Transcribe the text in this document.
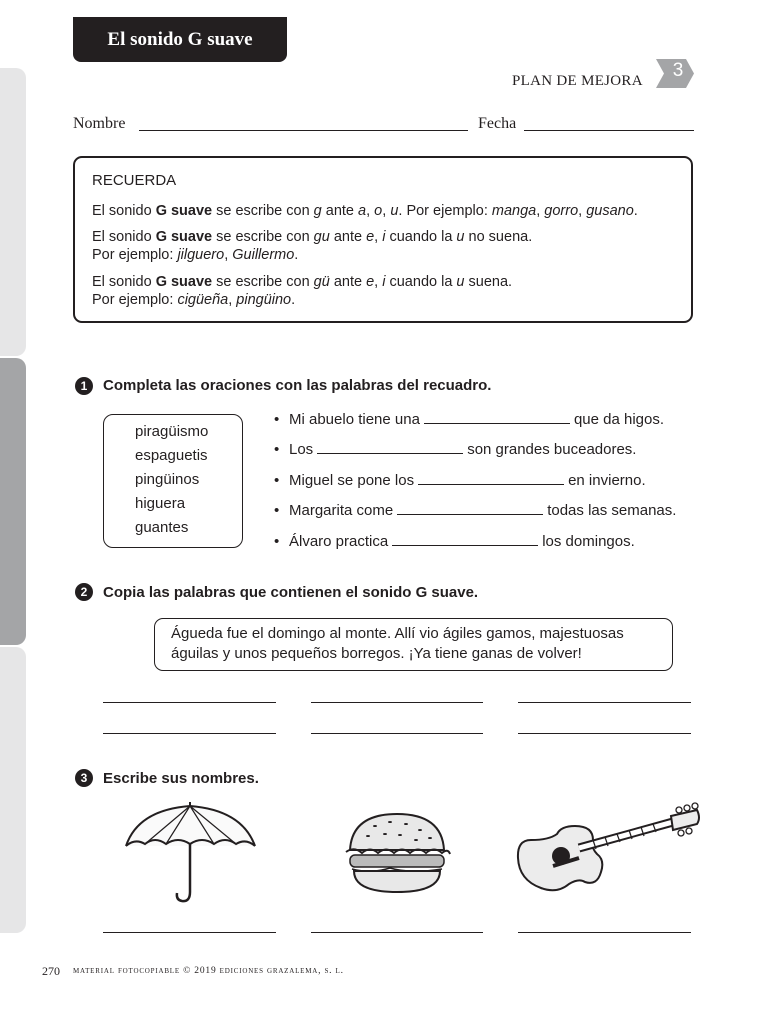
El sonido G suave
PLAN DE MEJORA 3
Nombre	Fecha
RECUERDA
El sonido G suave se escribe con g ante a, o, u. Por ejemplo: manga, gorro, gusano.
El sonido G suave se escribe con gu ante e, i cuando la u no suena.
Por ejemplo: jilguero, Guillermo.
El sonido G suave se escribe con gü ante e, i cuando la u suena.
Por ejemplo: cigüeña, pingüino.
1	Completa las oraciones con las palabras del recuadro.
piragüismo
espaguetis
pingüinos
higuera
guantes
• Mi abuelo tiene una	que da higos.
• Los	son grandes buceadores.
• Miguel se pone los	en invierno.
• Margarita come	todas las semanas.
• Álvaro practica	los domingos.
2	Copia las palabras que contienen el sonido G suave.
Águeda fue el domingo al monte. Allí vio ágiles gamos, majestuosas
águilas y unos pequeños borregos. ¡Ya tiene ganas de volver!
3	Escribe sus nombres.
270 material fotocopiable © 2019 ediciones grazalema, s. l.
